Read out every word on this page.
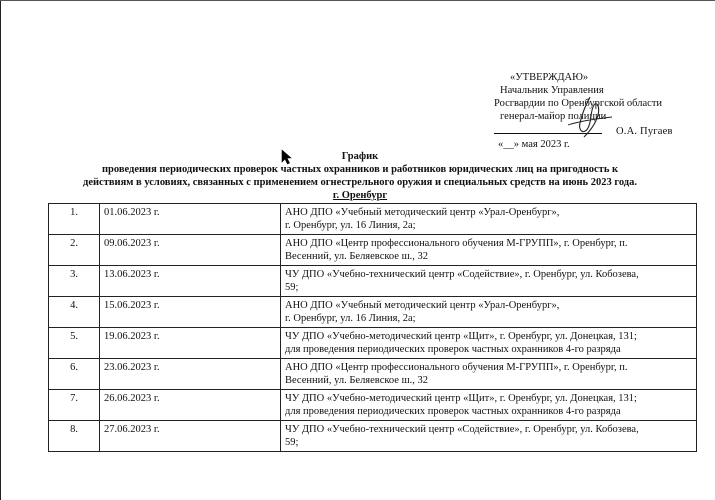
«УТВЕРЖДАЮ»
Начальник Управления
Росгвардии по Оренбургской области
генерал-майор полиции
О.А. Пугаев
«__» мая 2023 г.
График
проведения периодических проверок частных охранников и работников юридических лиц на пригодность к
действиям в условиях, связанных с применением огнестрельного оружия и специальных средств на июнь 2023 года.
г. Оренбург
1.	01.06.2023 г.	АНО ДПО «Учебный методический центр «Урал-Оренбург»,
г. Оренбург, ул. 16 Линия, 2а;

2.	09.06.2023 г.	АНО ДПО «Центр профессионального обучения М-ГРУПП», г. Оренбург, п.
Весенний, ул. Беляевское ш., 32

3.	13.06.2023 г.	ЧУ ДПО «Учебно-технический центр «Содействие», г. Оренбург, ул. Кобозева,
59;

4.	15.06.2023 г.	АНО ДПО «Учебный методический центр «Урал-Оренбург»,
г. Оренбург, ул. 16 Линия, 2а;

5.	19.06.2023 г.	ЧУ ДПО «Учебно-методический центр «Щит», г. Оренбург, ул. Донецкая, 131;
для проведения периодических проверок частных охранников 4-го разряда

6.	23.06.2023 г.	АНО ДПО «Центр профессионального обучения М-ГРУПП», г. Оренбург, п.
Весенний, ул. Беляевское ш., 32

7.	26.06.2023 г.	ЧУ ДПО «Учебно-методический центр «Щит», г. Оренбург, ул. Донецкая, 131;
для проведения периодических проверок частных охранников 4-го разряда

8.	27.06.2023 г.	ЧУ ДПО «Учебно-технический центр «Содействие», г. Оренбург, ул. Кобозева,
59;
